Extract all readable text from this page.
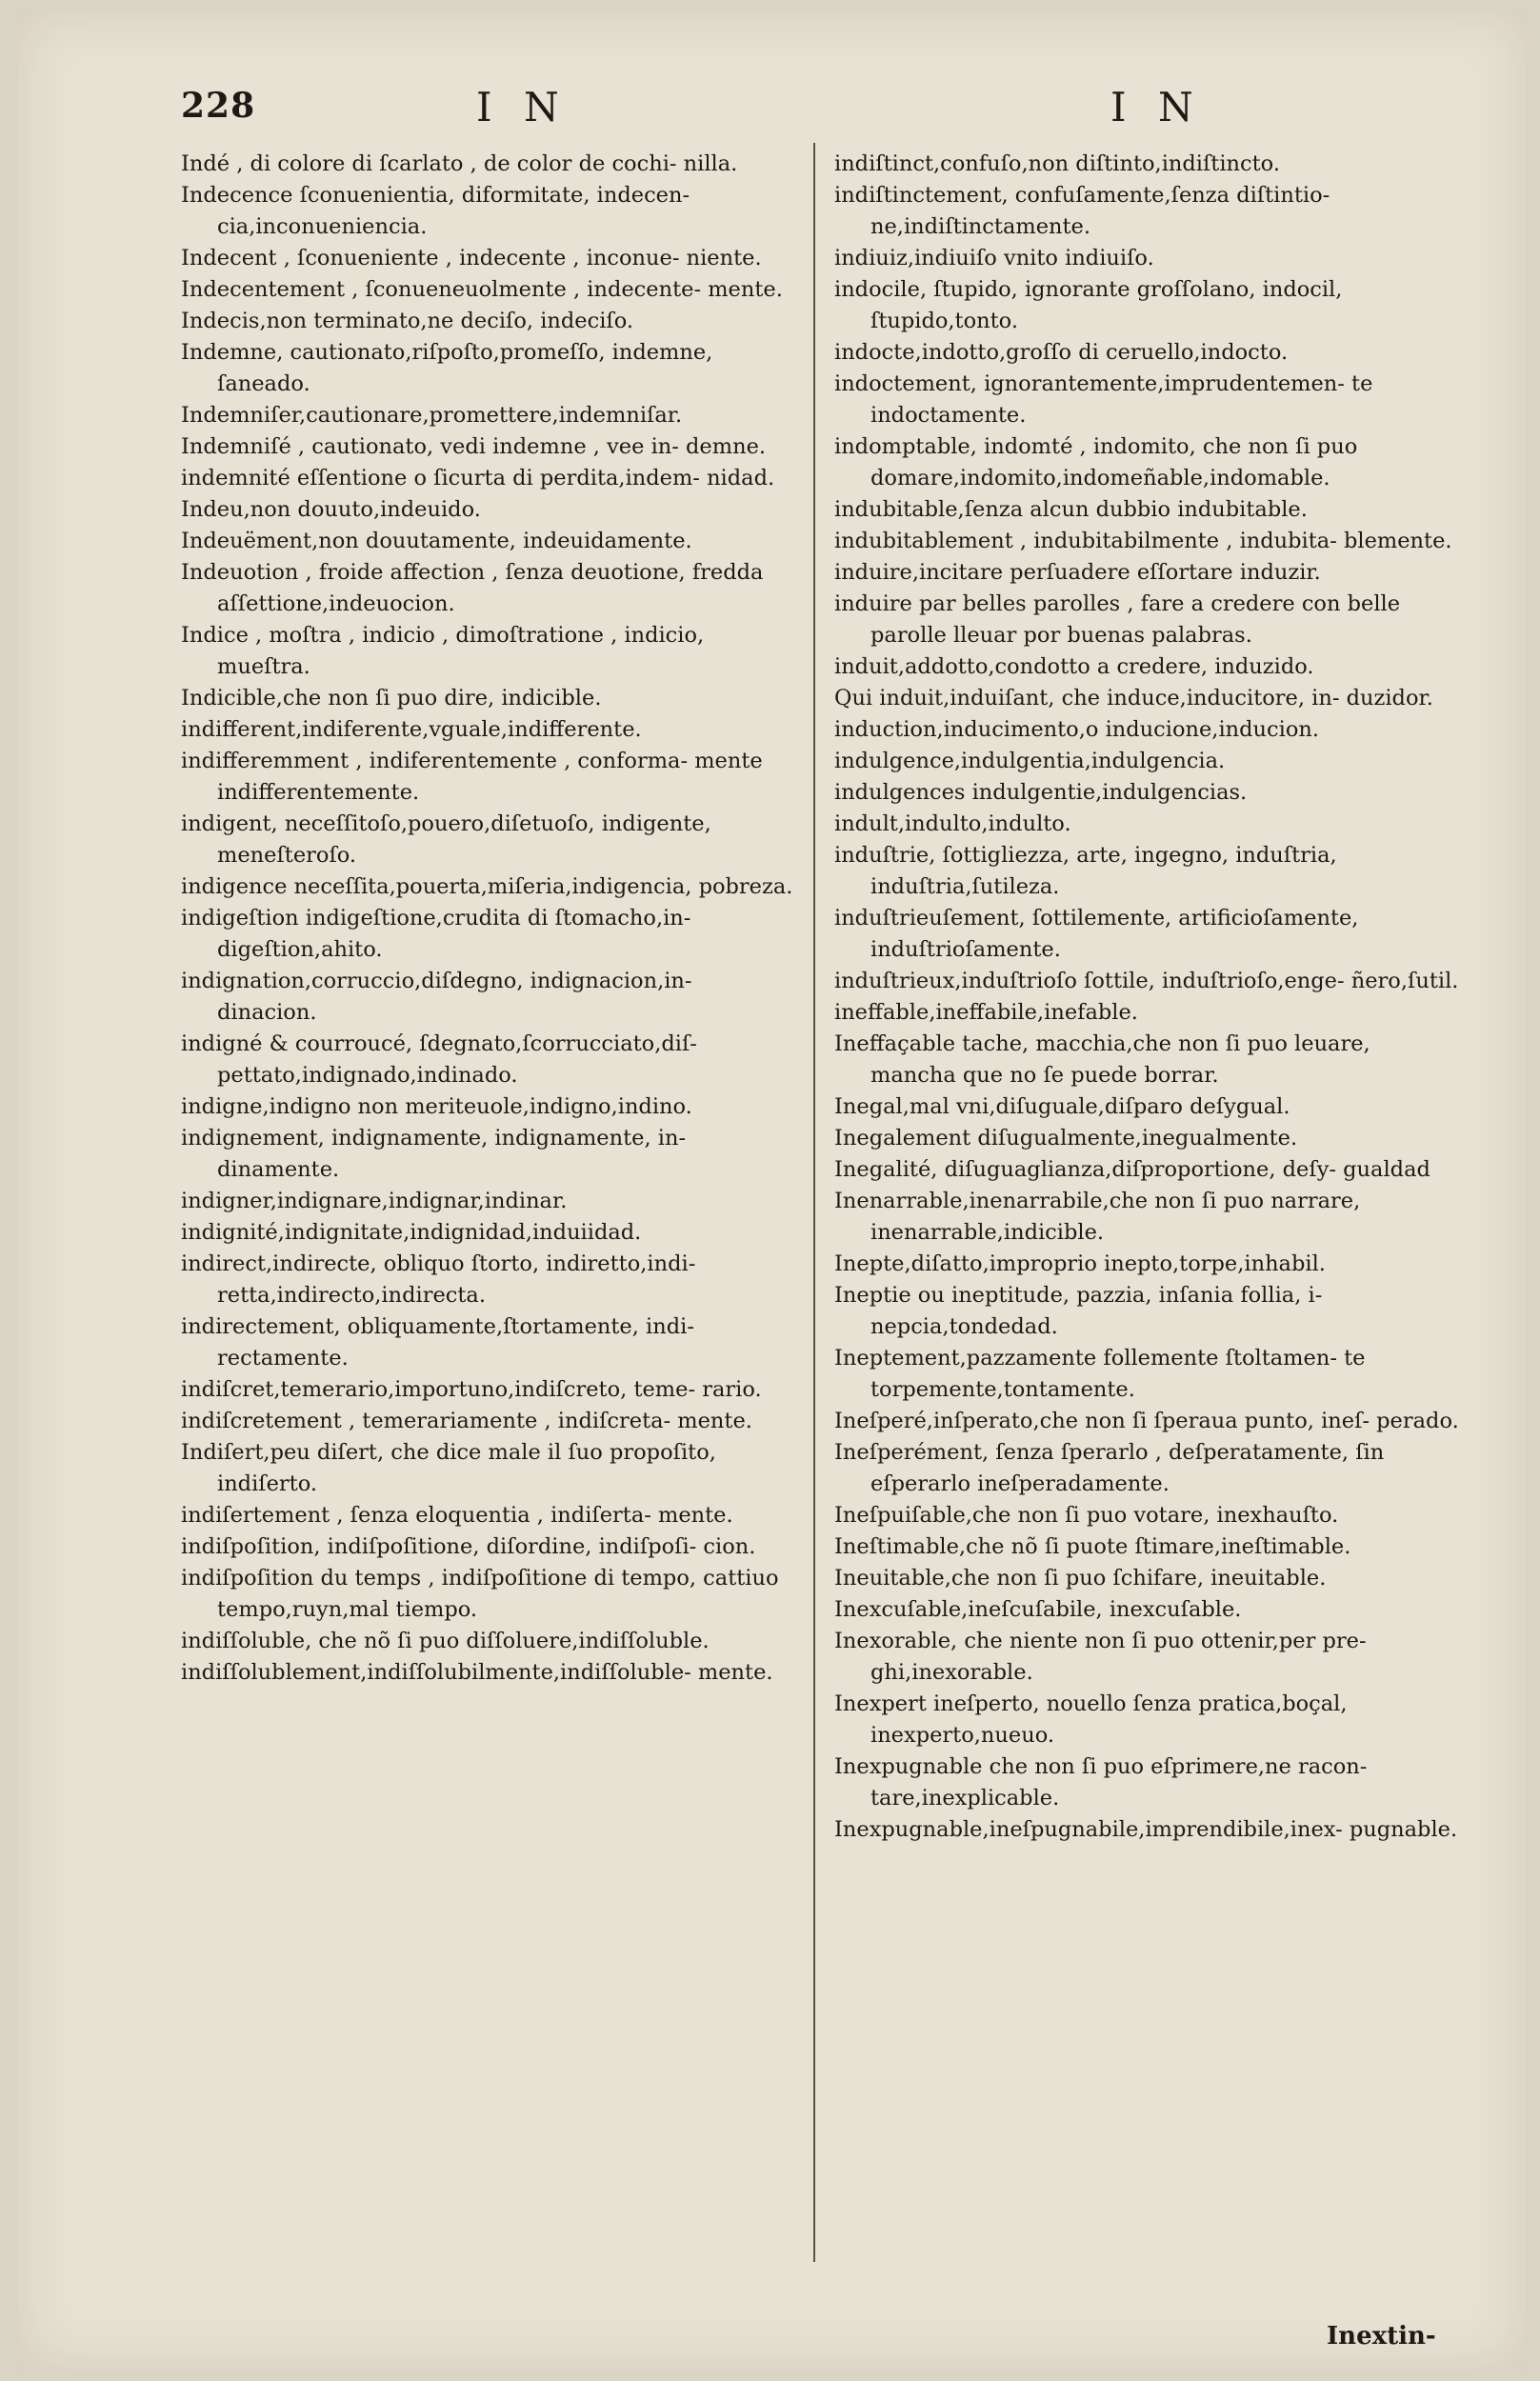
228	I N	I N

Indé , di colore di ſcarlato , de color de cochi- nilla.

Indecence ſconuenientia, diformitate, indecen- cia,inconueniencia.

Indecent , ſconueniente , indecente , inconue- niente.

Indecentement , ſconueneuolmente , indecente- mente.

Indecis,non terminato,ne deciſo, indeciſo.

Indemne, cautionato,riſpoſto,promeſſo, indemne, ſaneado.

Indemniſer,cautionare,promettere,indemniſar.

Indemniſé , cautionato, vedi indemne , vee in- demne.

indemnité eſſentione o ſicurta di perdita,indem- nidad.

Indeu,non douuto,indeuido.

Indeuëment,non douutamente, indeuidamente.

Indeuotion , froide affection , ſenza deuotione, fredda aſſettione,indeuocion.

Indice , moſtra , indicio , dimoſtratione , indicio, mueſtra.

Indicible,che non ſi puo dire, indicible.

indifferent,indiferente,vguale,indifferente.

indifferemment , indiferentemente , conforma- mente indifferentemente.

indigent, neceſſitoſo,pouero,diſetuoſo, indigente, meneſteroſo.

indigence neceſſita,pouerta,miſeria,indigencia, pobreza.

indigeſtion indigeſtione,crudita di ſtomacho,in- digeſtion,ahito.

indignation,corruccio,diſdegno, indignacion,in- dinacion.

indigné & courroucé, ſdegnato,ſcorrucciato,diſ- pettato,indignado,indinado.

indigne,indigno non meriteuole,indigno,indino.

indignement, indignamente, indignamente, in- dinamente.

indigner,indignare,indignar,indinar.

indignité,indignitate,indignidad,induiidad.

indirect,indirecte, obliquo ſtorto, indiretto,indi- retta,indirecto,indirecta.

indirectement, obliquamente,ſtortamente, indi- rectamente.

indiſcret,temerario,importuno,indiſcreto, teme- rario.

indiſcretement , temerariamente , indiſcreta- mente.

Indiſert,peu diſert, che dice male il ſuo propoſito, indiſerto.

indiſertement , ſenza eloquentia , indiſerta- mente.

indiſpoſition, indiſpoſitione, diſordine, indiſpoſi- cion.

indiſpoſition du temps , indiſpoſitione di tempo, cattiuo tempo,ruyn,mal tiempo.

indiſſoluble, che nõ ſi puo diſſoluere,indiſſoluble.

indiſſolublement,indiſſolubilmente,indiſſoluble- mente.

indiſtinct,confuſo,non diſtinto,indiſtincto.

indiſtinctement, confuſamente,ſenza diſtintio- ne,indiſtinctamente.

indiuiz,indiuiſo vnito indiuiſo.

indocile, ſtupido, ignorante groſſolano, indocil, ſtupido,tonto.

indocte,indotto,groſſo di ceruello,indocto.

indoctement, ignorantemente,imprudentemen- te indoctamente.

indomptable, indomté , indomito, che non ſi puo domare,indomito,indomeñable,indomable.

indubitable,ſenza alcun dubbio indubitable.

indubitablement , indubitabilmente , indubita- blemente.

induire,incitare perſuadere eſſortare induzir.

induire par belles parolles , fare a credere con belle parolle lleuar por buenas palabras.

induit,addotto,condotto a credere, induzido.

Qui induit,induiſant, che induce,inducitore, in- duzidor.

induction,inducimento,o inducione,inducion.

indulgence,indulgentia,indulgencia.

indulgences indulgentie,indulgencias.

indult,indulto,indulto.

induſtrie, ſottigliezza, arte, ingegno, induſtria, induſtria,ſutileza.

induſtrieuſement, ſottilemente, artificioſamente, induſtrioſamente.

induſtrieux,induſtrioſo ſottile, induſtrioſo,enge- ñero,ſutil.

ineffable,ineffabile,inefable.

Ineffaçable tache, macchia,che non ſi puo leuare, mancha que no ſe puede borrar.

Inegal,mal vni,diſuguale,diſparo deſygual.

Inegalement diſugualmente,inegualmente.

Inegalité, diſuguaglianza,diſproportione, deſy- gualdad

Inenarrable,inenarrabile,che non ſi puo narrare, inenarrable,indicible.

Inepte,diſatto,improprio inepto,torpe,inhabil.

Ineptie ou ineptitude, pazzia, inſania follia, i- nepcia,tondedad.

Ineptement,pazzamente follemente ſtoltamen- te torpemente,tontamente.

Ineſperé,inſperato,che non ſi ſperaua punto, ineſ- perado.

Ineſperément, ſenza ſperarlo , deſperatamente, ſin eſperarlo ineſperadamente.

Ineſpuiſable,che non ſi puo votare, inexhauſto.

Ineſtimable,che nõ ſi puote ſtimare,ineſtimable.

Ineuitable,che non ſi puo ſchifare, ineuitable.

Inexcuſable,ineſcuſabile, inexcuſable.

Inexorable, che niente non ſi puo ottenir,per pre- ghi,inexorable.

Inexpert ineſperto, nouello ſenza pratica,boçal, inexperto,nueuo.

Inexpugnable che non ſi puo eſprimere,ne racon- tare,inexplicable.

Inexpugnable,ineſpugnabile,imprendibile,inex- pugnable.

Inextin-
